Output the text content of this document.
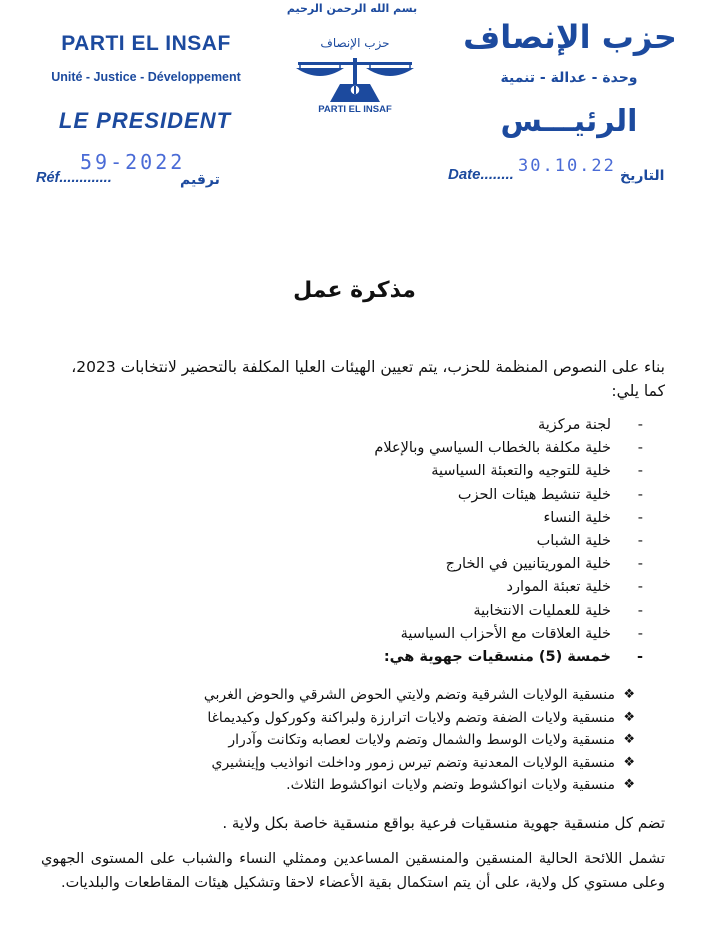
PARTI EL INSAF
Unité - Justice - Développement
LE PRESIDENT
حزب الإنصاف
وحدة - عدالة - تنمية
الرئيـــس
بسم الله الرحمن الرحيم
حزب الإنصاف
PARTI EL INSAF
Réf.............
59-2022
ترقيم	Date........ 30.10.22 التاريخ
مذكرة عمل
بناء على النصوص المنظمة للحزب، يتم تعيين الهيئات العليا المكلفة بالتحضير لانتخابات 2023، كما يلي:
- لجنة مركزية
- خلية مكلفة بالخطاب السياسي وبالإعلام
- خلية للتوجيه والتعبئة السياسية
- خلية تنشيط هيئات الحزب
- خلية النساء
- خلية الشباب
- خلية الموريتانيين في الخارج
- خلية تعبئة الموارد
- خلية للعمليات الانتخابية
- خلية العلاقات مع الأحزاب السياسية
- خمسة (5) منسقيات جهوية هي:
❖
منسقية الولايات الشرقية وتضم ولايتي الحوض الشرقي والحوض الغربي
❖
منسقية ولايات الضفة وتضم ولايات اترارزة ولبراكنة وكوركول وكيديماغا
❖
منسقية ولايات الوسط والشمال وتضم ولايات لعصابه وتكانت وآدرار
❖
منسقية الولايات المعدنية وتضم تيرس زمور وداخلت انواذيب وإينشيري
❖
منسقية ولايات انواكشوط وتضم ولايات انواكشوط الثلاث.
تضم كل منسقية جهوية منسقيات فرعية بواقع منسقية خاصة بكل ولاية .
تشمل اللائحة الحالية المنسقين والمنسقين المساعدين وممثلي النساء والشباب على المستوى الجهوي وعلى مستوي كل ولاية، على أن يتم استكمال بقية الأعضاء لاحقا وتشكيل هيئات المقاطعات والبلديات.
